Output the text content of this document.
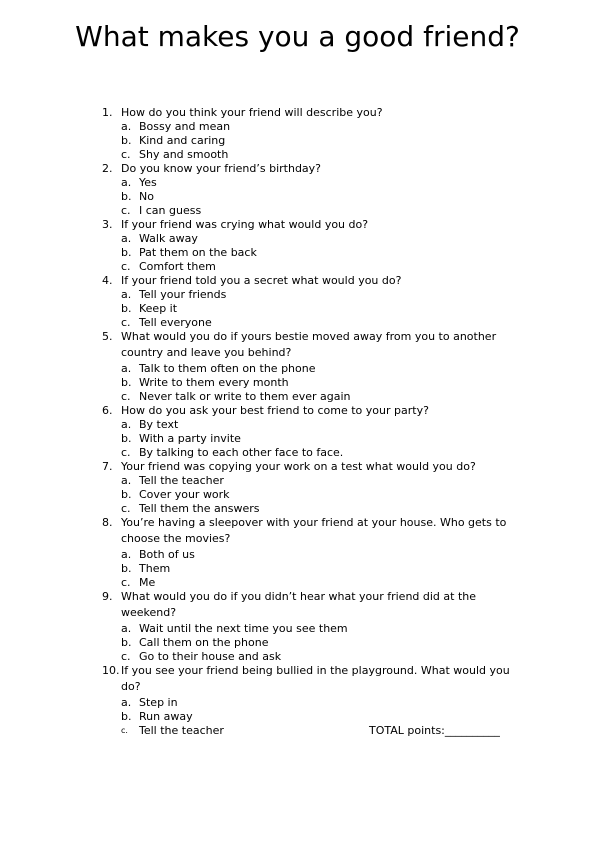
What makes you a good friend?
1. How do you think your friend will describe you?
a. Bossy and mean
b. Kind and caring
c. Shy and smooth
2. Do you know your friend’s birthday?
a. Yes
b. No
c. I can guess
3. If your friend was crying what would you do?
a. Walk away
b. Pat them on the back
c. Comfort them
4. If your friend told you a secret what would you do?
a. Tell your friends
b. Keep it
c. Tell everyone
5. What would you do if yours bestie moved away from you to another
country and leave you behind?
a. Talk to them often on the phone
b. Write to them every month
c. Never talk or write to them ever again
6. How do you ask your best friend to come to your party?
a. By text
b. With a party invite
c. By talking to each other face to face.
7. Your friend was copying your work on a test what would you do?
a. Tell the teacher
b. Cover your work
c. Tell them the answers
8. You’re having a sleepover with your friend at your house. Who gets to
choose the movies?
a. Both of us
b. Them
c. Me
9. What would you do if you didn’t hear what your friend did at the
weekend?
a. Wait until the next time you see them
b. Call them on the phone
c. Go to their house and ask
10. If you see your friend being bullied in the playground. What would you
do?
a. Step in
b. Run away
c. Tell the teacher	TOTAL points:__________
